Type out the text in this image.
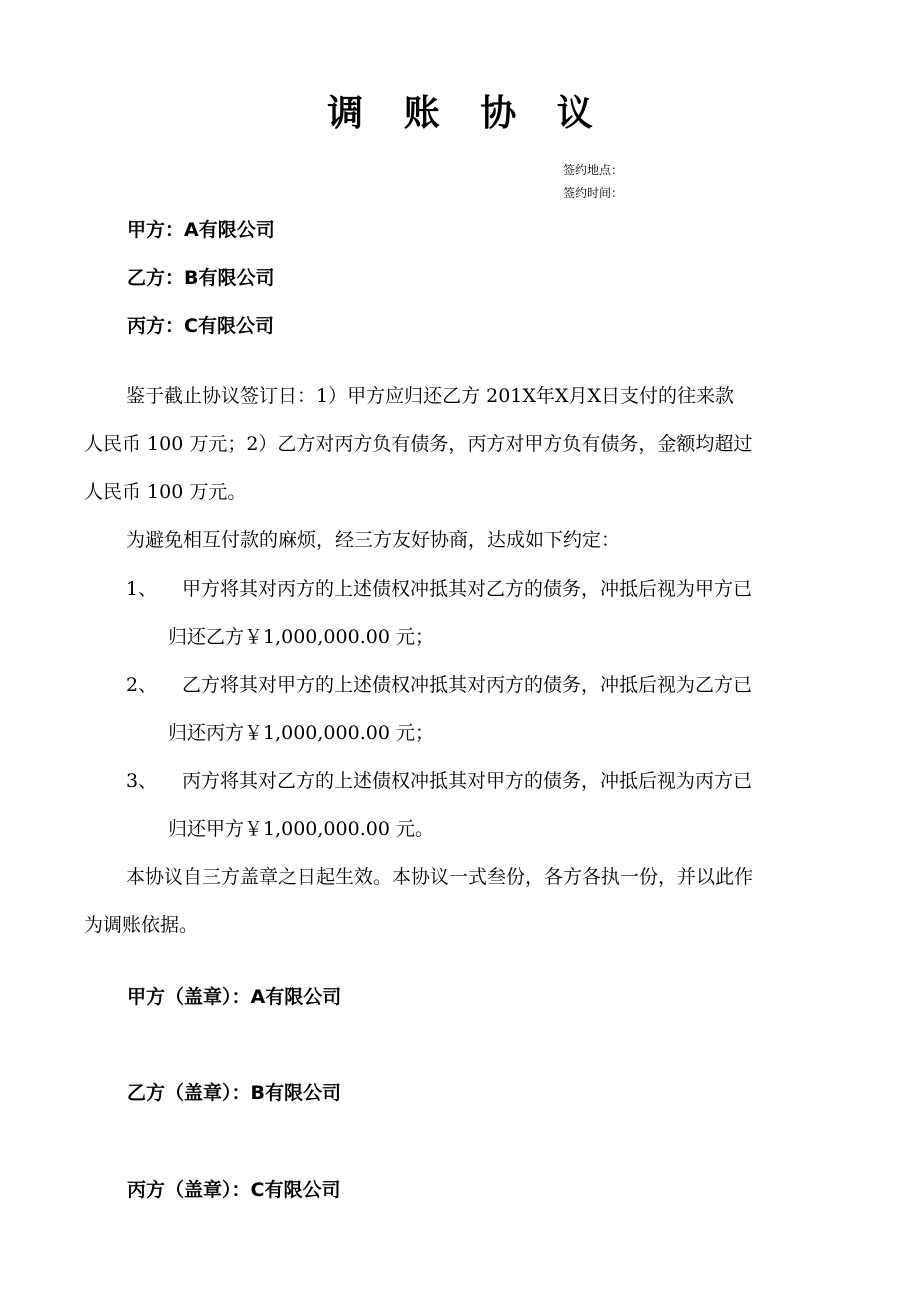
调 账 协 议
签约地点：
签约时间：
甲方：A有限公司
乙方：B有限公司
丙方：C有限公司
鉴于截止协议签订日：1）甲方应归还乙方 201X年X月X日支付的往来款
人民币 100 万元；2）乙方对丙方负有债务，丙方对甲方负有债务，金额均超过
人民币 100 万元。
为避免相互付款的麻烦，经三方友好协商，达成如下约定：
1、 甲方将其对丙方的上述债权冲抵其对乙方的债务，冲抵后视为甲方已
归还乙方￥1,000,000.00 元；
2、 乙方将其对甲方的上述债权冲抵其对丙方的债务，冲抵后视为乙方已
归还丙方￥1,000,000.00 元；
3、 丙方将其对乙方的上述债权冲抵其对甲方的债务，冲抵后视为丙方已
归还甲方￥1,000,000.00 元。
本协议自三方盖章之日起生效。本协议一式叁份，各方各执一份，并以此作
为调账依据。
甲方（盖章）：A有限公司
乙方（盖章）：B有限公司
丙方（盖章）：C有限公司
